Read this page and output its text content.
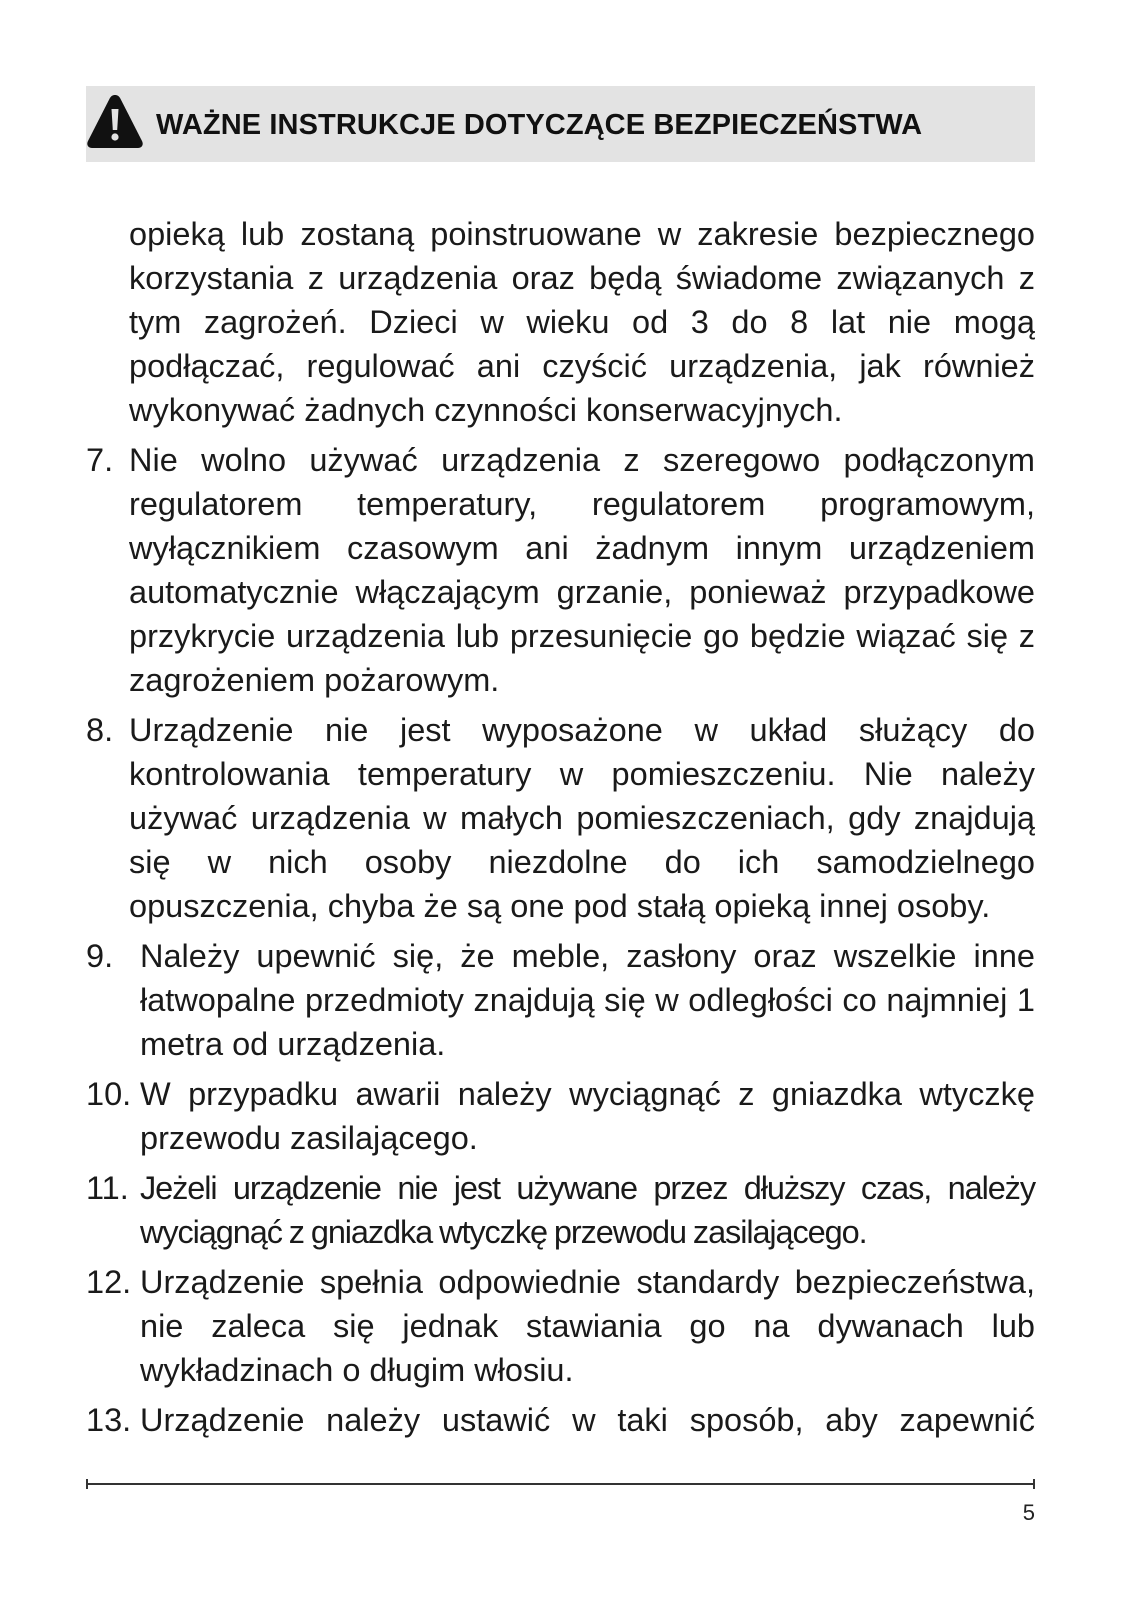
WAŻNE INSTRUKCJE DOTYCZĄCE BEZPIECZEŃSTWA
opieką lub zostaną poinstruowane w zakresie bezpiecznego korzystania z urządzenia oraz będą świadome związanych z tym zagrożeń. Dzieci w wieku od 3 do 8 lat nie mogą podłączać, regulować ani czyścić urządzenia, jak również wykonywać żadnych czynności konserwacyjnych.
7. Nie wolno używać urządzenia z szeregowo podłączonym regulatorem temperatury, regulatorem programowym, wyłącznikiem czasowym ani żadnym innym urządzeniem automatycznie włączającym grzanie, ponieważ przypadkowe przykrycie urządzenia lub przesunięcie go będzie wiązać się z zagrożeniem pożarowym.
8. Urządzenie nie jest wyposażone w układ służący do kontrolowania temperatury w pomieszczeniu. Nie należy używać urządzenia w małych pomieszczeniach, gdy znajdują się w nich osoby niezdolne do ich samodzielnego opuszczenia, chyba że są one pod stałą opieką innej osoby.
9. Należy upewnić się, że meble, zasłony oraz wszelkie inne łatwopalne przedmioty znajdują się w odległości co najmniej 1 metra od urządzenia.
10. W przypadku awarii należy wyciągnąć z gniazdka wtyczkę przewodu zasilającego.
11. Jeżeli urządzenie nie jest używane przez dłuższy czas, należy wyciągnąć z gniazdka wtyczkę przewodu zasilającego.
12. Urządzenie spełnia odpowiednie standardy bezpieczeństwa, nie zaleca się jednak stawiania go na dywanach lub wykładzinach o długim włosiu.
13. Urządzenie należy ustawić w taki sposób, aby zapewnić
5
